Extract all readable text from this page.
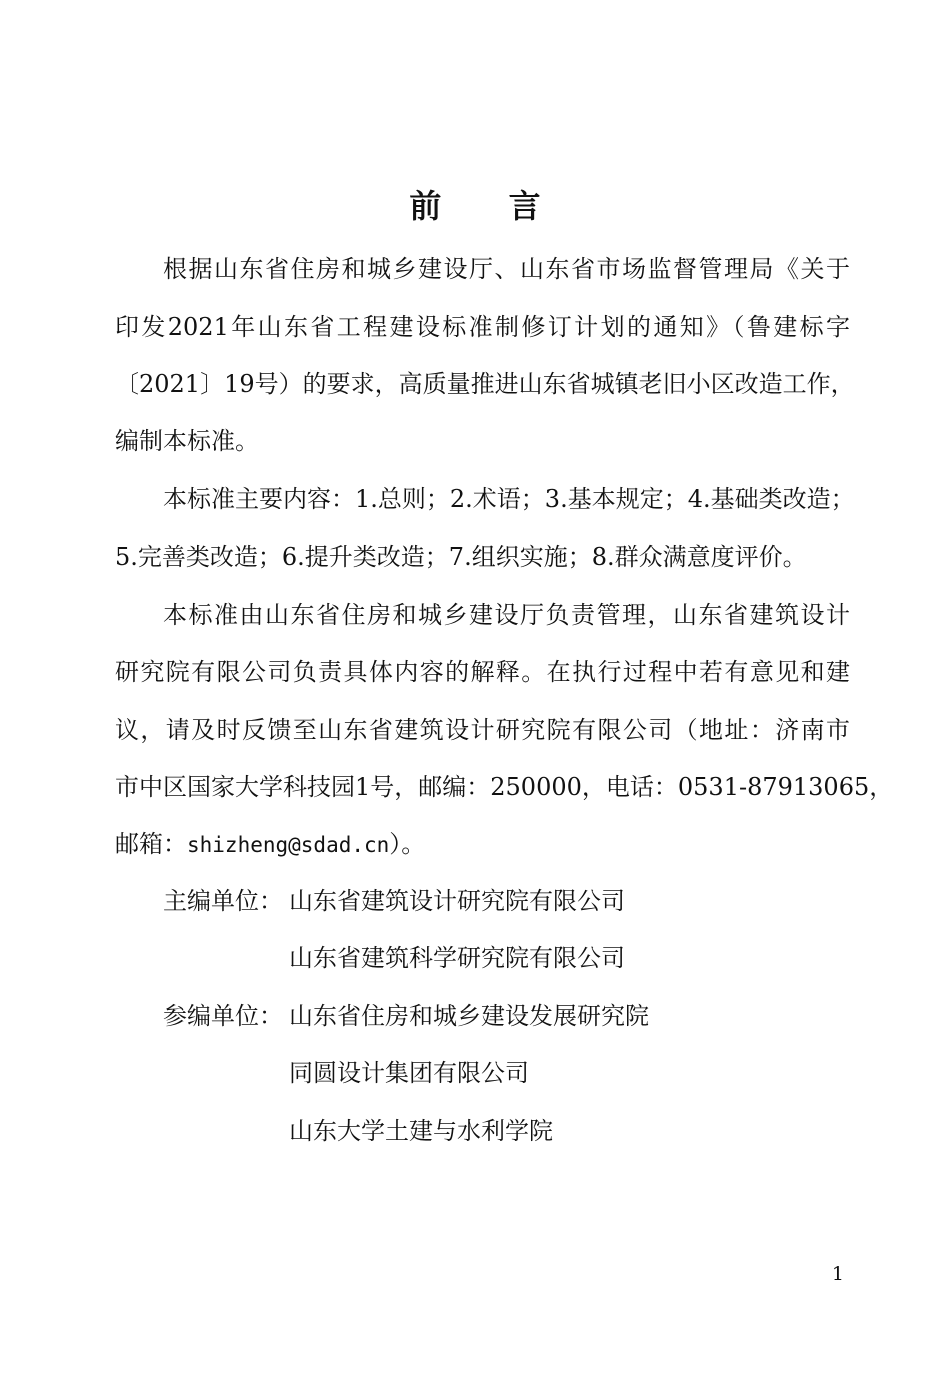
前 言
根据山东省住房和城乡建设厅、山东省市场监督管理局《关于
印发2021年山东省工程建设标准制修订计划的通知》（鲁建标字
〔2021〕19号）的要求，高质量推进山东省城镇老旧小区改造工作，
编制本标准。
本标准主要内容：1.总则；2.术语；3.基本规定；4.基础类改造；
5.完善类改造；6.提升类改造；7.组织实施；8.群众满意度评价。
本标准由山东省住房和城乡建设厅负责管理，山东省建筑设计
研究院有限公司负责具体内容的解释。在执行过程中若有意见和建
议，请及时反馈至山东省建筑设计研究院有限公司（地址：济南市
市中区国家大学科技园1号，邮编：250000，电话：0531-87913065，
邮箱：shizheng@sdad.cn）。
主编单位： 山东省建筑设计研究院有限公司
山东省建筑科学研究院有限公司
参编单位： 山东省住房和城乡建设发展研究院
同圆设计集团有限公司
山东大学土建与水利学院
1
